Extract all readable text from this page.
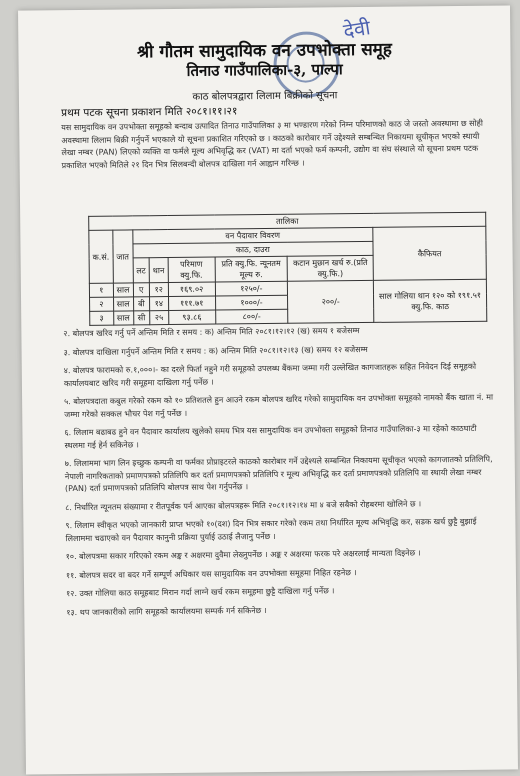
देवी
श्री गौतम सामुदायिक वन उपभोक्ता समूह
तिनाउ गाउँपालिका-३, पाल्पा
काठ बोलपत्रद्वारा लिलाम बिक्रीको सूचना
प्रथम पटक सूचना प्रकाशन मिति २०८१।११।२१
यस सामुदायिक वन उपभोक्ता समूहको बन्दाब उत्पादित तिनाउ गाउँपालिका ३ मा भण्डारण गरेको निम्न परिमाणको काठ जे जस्तो अवस्थामा छ सोही अवस्थामा लिलाम बिक्री गर्नुपर्ने भएकाले यो सूचना प्रकाशित गरिएको छ । काठको कारोबार गर्ने उद्देश्यले सम्बन्धित निकायमा सूचीकृत भएको स्थायी लेखा नम्बर (PAN) लिएको व्यक्ति वा फर्मले मूल्य अभिवृद्धि कर (VAT) मा दर्ता भएको फर्म कम्पनी, उद्योग वा संघ संस्थाले यो सूचना प्रथम पटक प्रकाशित भएको मितिले २१ दिन भित्र सिलबन्दी बोलपत्र दाखिला गर्न आह्वान गरिन्छ ।
तालिका							
क.सं.	जात	वन पैदावार विवरण					कैफियत
		काठ, दाउरा					
		लट	थान	परिमाण क्यु.फि.	प्रति क्यु.फि. न्यूनतम मूल्य रु.	कटान मुछान खर्च रु.(प्रति क्यु.फि.)	
१	साल	ए	१२	१६९.०२	१२५०/-	२००/-	साल गोलिया थान १२० को १९१.५१ क्यु.फि. काठ
२	साल	बी	१४	१११.७१	१०००/-		
३	साल	सी	२५	९३.८६	८००/-		
२. बोलपत्र खरिद गर्नु पर्ने अन्तिम मिति र समय : क) अन्तिम मिति २०८१।१२।१२ (ख) समय १ बजेसम्म
३. बोलपत्र दाखिला गर्नुपर्ने अन्तिम मिति र समय : क) अन्तिम मिति २०८१।१२।१३ (ख) समय १२ बजेसम्म
४. बोलपत्र फारामको रु.१,०००।- का दरले फिर्ता नहुने गरी समूहको उपलब्ध बैंकमा जम्मा गरी उल्लेखित कागजातहरू सहित निवेदन दिई समूहको कार्यालयबाट खरिद गरी समूहमा दाखिला गर्नु पर्नेछ ।
५. बोलपत्रदाता कबुल गरेको रकम को १० प्रतिशतले हुन आउने रकम बोलपत्र खरिद गरेको सामुदायिक वन उपभोक्ता समूहको नामको बैंक खाता नं. मा जम्मा गरेको सक्कल भौचर पेश गर्नु पर्नेछ ।
६. लिलाम बढाबढ हुने वन पैदावार कार्यालय खुलेको समय भित्र यस सामुदायिक वन उपभोक्ता समूहको तिनाउ गाउँपालिका-३ मा रहेको काठघाटी स्थलमा गई हेर्न सकिनेछ ।
७. लिलाममा भाग लिन इच्छुक कम्पनी वा फर्मका प्रोप्राइटरले काठको कारोबार गर्ने उद्देश्यले सम्बन्धित निकायमा सूचीकृत भएको कागजातको प्रतिलिपि, नेपाली नागरिकताको प्रमाणपत्रको प्रतिलिपि कर दर्ता प्रमाणपत्रको प्रतिलिपि र मूल्य अभिवृद्धि कर दर्ता प्रमाणपत्रको प्रतिलिपि वा स्थायी लेखा नम्बर (PAN) दर्ता प्रमाणपत्रको प्रतिलिपि बोलपत्र साथ पेश गर्नुपर्नेछ ।
८. निर्धारित न्यूनतम संख्यामा र रीतपूर्वक पर्न आएका बोलपत्रहरू मिति २०८१।१२।१४ मा ४ बजे सबैको रोहबरमा खोलिने छ ।
९. लिलाम स्वीकृत भएको जानकारी प्राप्त भएको १०(दश) दिन भित्र सकार गरेको रकम तथा निर्धारित मूल्य अभिवृद्धि कर, सडक खर्च छुट्टै बुझाई लिलाममा चढाएको वन पैदावार कानुनी प्रक्रिया पुर्याई उठाई लैजानु पर्नेछ ।
१०. बोलपत्रमा सकार गरिएको रकम अङ्क र अक्षरमा दुवैमा लेख्नुपर्नेछ । अङ्क र अक्षरमा फरक परे अक्षरलाई मान्यता दिइनेछ ।
११. बोलपत्र सदर वा बदर गर्ने सम्पूर्ण अधिकार यस सामुदायिक वन उपभोक्ता समूहमा निहित रहनेछ ।
१२. उक्त गोलिया काठ समूहबाट मिरान गर्दा लाग्ने खर्च रकम समूहमा छुट्टै दाखिला गर्नु पर्नेछ ।
१३. थप जानकारीको लागि समूहको कार्यालयमा सम्पर्क गर्न सकिनेछ ।
